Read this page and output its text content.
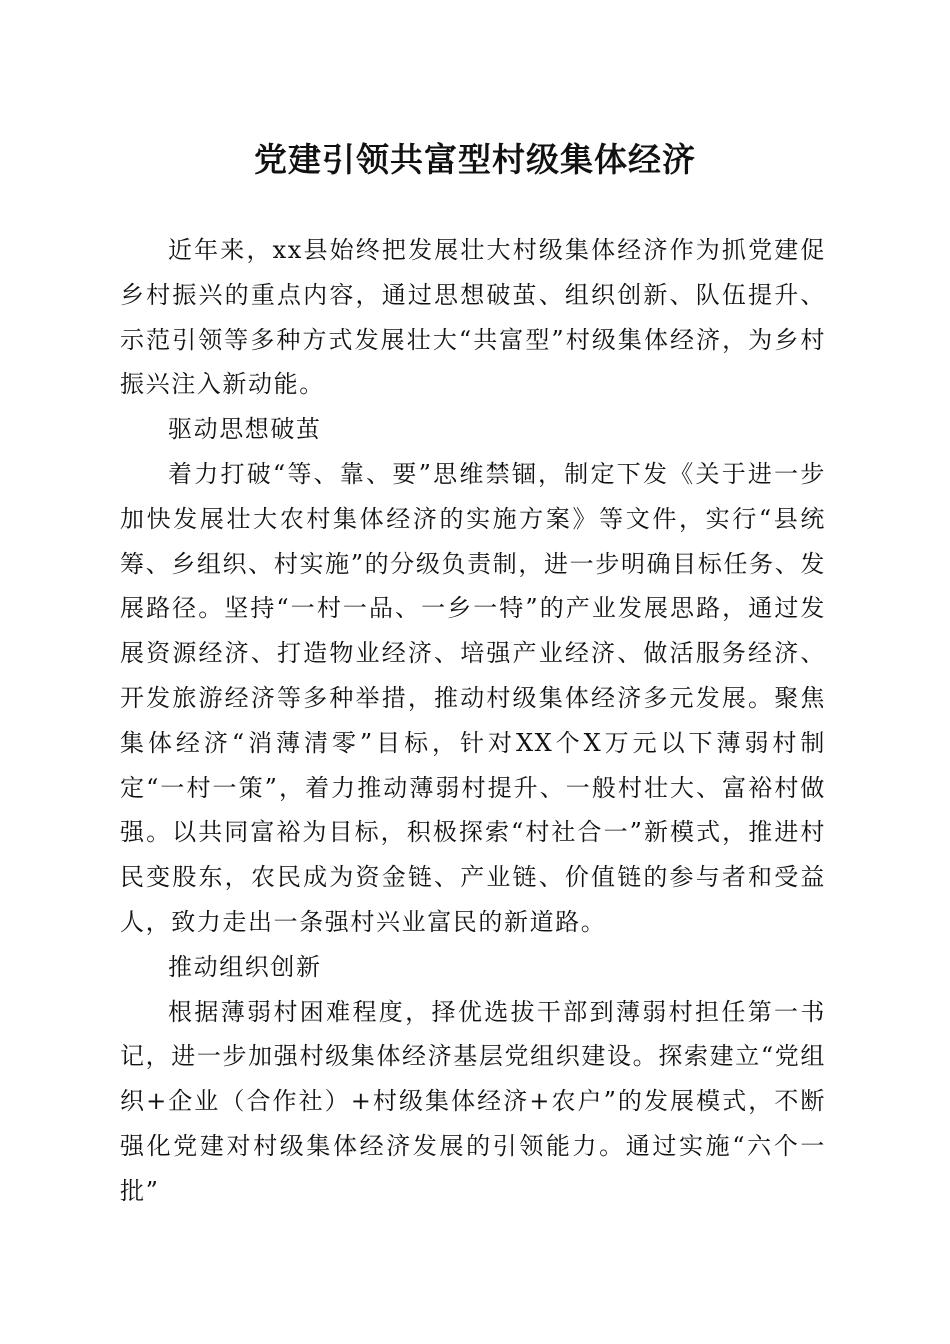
党建引领共富型村级集体经济

近年来，xx县始终把发展壮大村级集体经济作为抓党建促乡村振兴的重点内容，通过思想破茧、组织创新、队伍提升、示范引领等多种方式发展壮大“共富型”村级集体经济，为乡村振兴注入新动能。

驱动思想破茧

着力打破“等、靠、要”思维禁锢，制定下发《关于进一步加快发展壮大农村集体经济的实施方案》等文件，实行“县统筹、乡组织、村实施”的分级负责制，进一步明确目标任务、发展路径。坚持“一村一品、一乡一特”的产业发展思路，通过发展资源经济、打造物业经济、培强产业经济、做活服务经济、开发旅游经济等多种举措，推动村级集体经济多元发展。聚焦集体经济“消薄清零”目标，针对XX个X万元以下薄弱村制定“一村一策”，着力推动薄弱村提升、一般村壮大、富裕村做强。以共同富裕为目标，积极探索“村社合一”新模式，推进村民变股东，农民成为资金链、产业链、价值链的参与者和受益人，致力走出一条强村兴业富民的新道路。

推动组织创新

根据薄弱村困难程度，择优选拔干部到薄弱村担任第一书记，进一步加强村级集体经济基层党组织建设。探索建立“党组织+企业（合作社）+村级集体经济+农户”的发展模式，不断强化党建对村级集体经济发展的引领能力。通过实施“六个一批”
